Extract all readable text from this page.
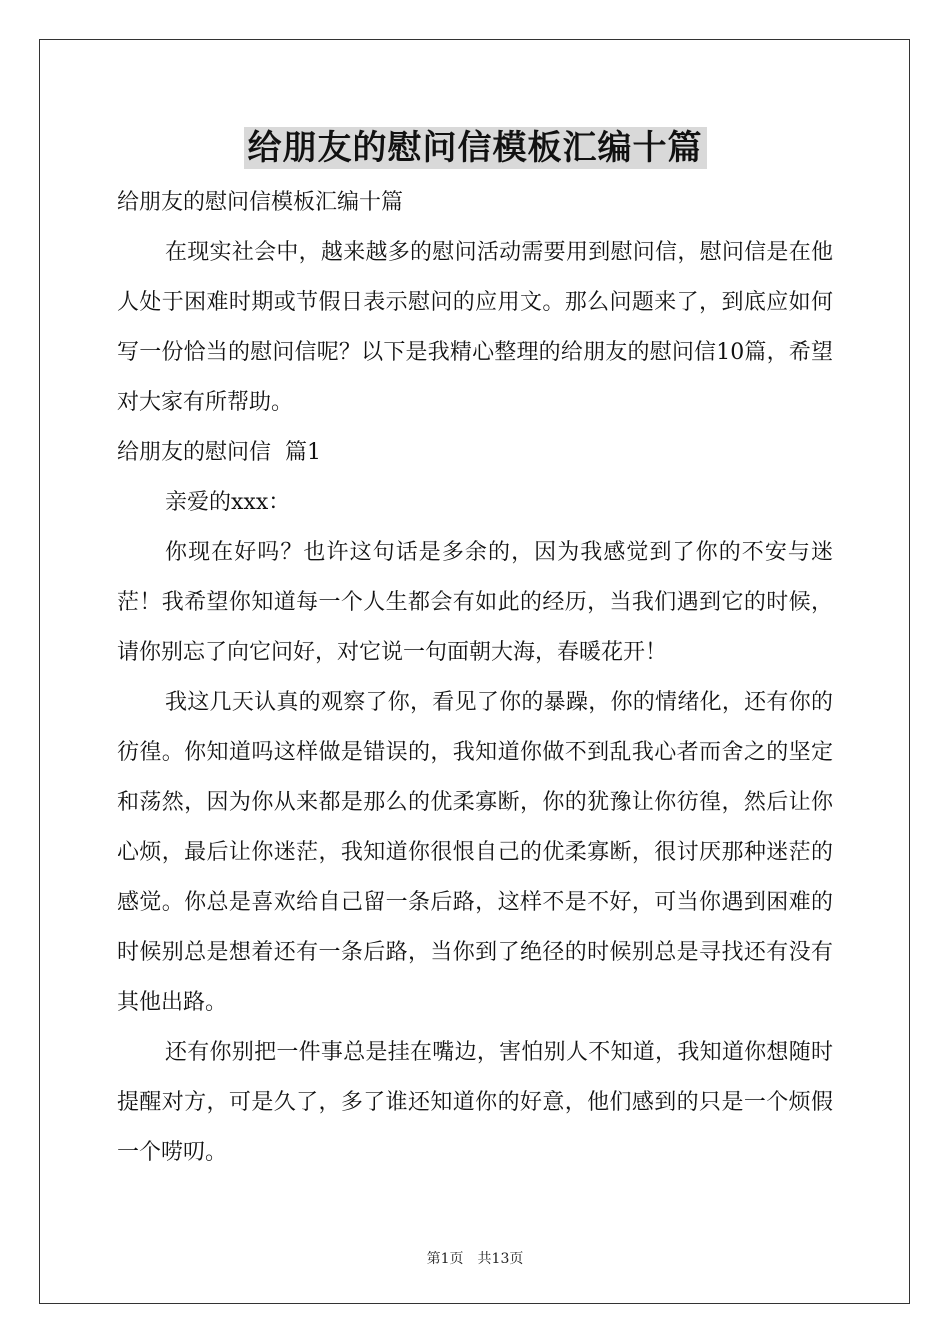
给朋友的慰问信模板汇编十篇

给朋友的慰问信模板汇编十篇

在现实社会中，越来越多的慰问活动需要用到慰问信，慰问信是在他人处于困难时期或节假日表示慰问的应用文。那么问题来了，到底应如何写一份恰当的慰问信呢？以下是我精心整理的给朋友的慰问信10篇，希望对大家有所帮助。

给朋友的慰问信  篇1

亲爱的xxx：

你现在好吗？也许这句话是多余的，因为我感觉到了你的不安与迷茫！我希望你知道每一个人生都会有如此的经历，当我们遇到它的时候，请你别忘了向它问好，对它说一句面朝大海，春暖花开！

我这几天认真的观察了你，看见了你的暴躁，你的情绪化，还有你的彷徨。你知道吗这样做是错误的，我知道你做不到乱我心者而舍之的坚定和荡然，因为你从来都是那么的优柔寡断，你的犹豫让你彷徨，然后让你心烦，最后让你迷茫，我知道你很恨自己的优柔寡断，很讨厌那种迷茫的感觉。你总是喜欢给自己留一条后路，这样不是不好，可当你遇到困难的时候别总是想着还有一条后路，当你到了绝径的时候别总是寻找还有没有其他出路。

还有你别把一件事总是挂在嘴边，害怕别人不知道，我知道你想随时提醒对方，可是久了，多了谁还知道你的好意，他们感到的只是一个烦假一个唠叨。

第1页 共13页
